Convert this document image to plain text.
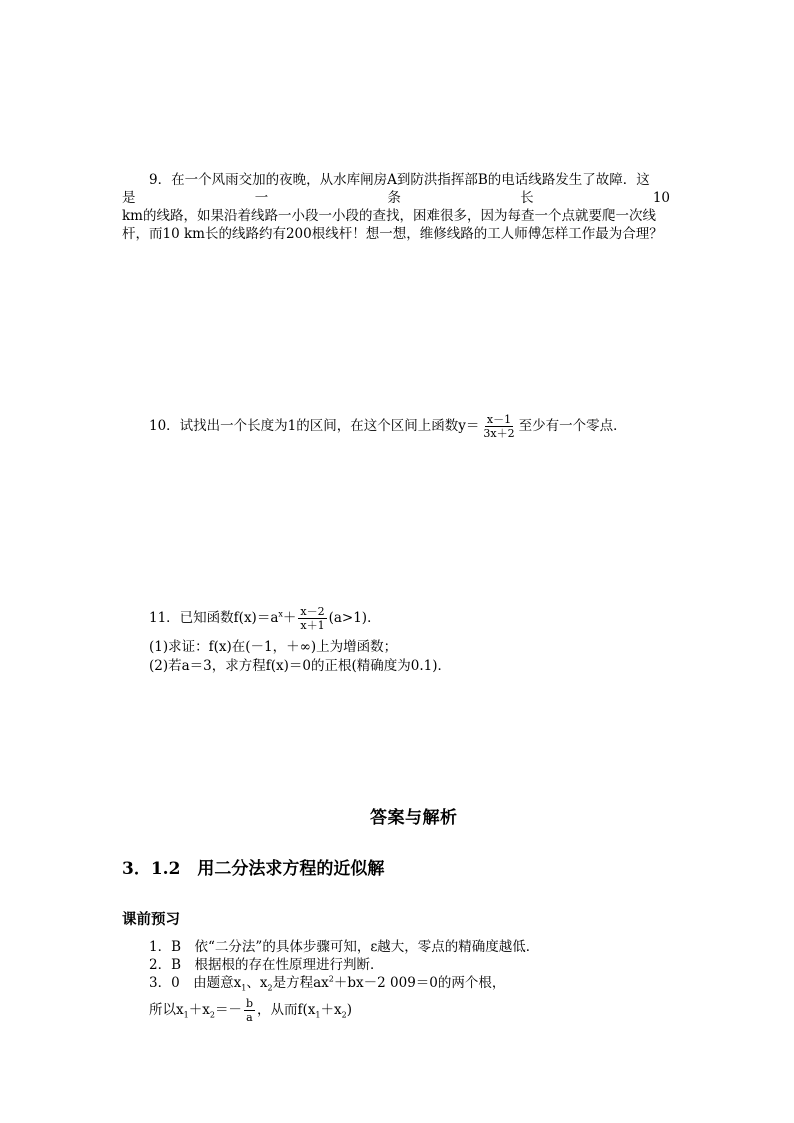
9．在一个风雨交加的夜晚，从水库闸房A到防洪指挥部B的电话线路发生了故障．这
是	一	条	长	10
km的线路，如果沿着线路一小段一小段的查找，困难很多，因为每查一个点就要爬一次线
杆，而10 km长的线路约有200根线杆！想一想，维修线路的工人师傅怎样工作最为合理？
10．试找出一个长度为1的区间，在这个区间上函数$y= \frac{x-1}{3x+2}$ 至少有一个零点．
11．已知函数$f(x)=a^x+ \frac{x-2}{x+1} (a>1)$．
(1)求证：f(x)在(－1，＋∞)上为增函数；
(2)若a＝3，求方程f(x)＝0的正根(精确度为0.1)．
答案与解析
3．1.2　用二分法求方程的近似解
课前预习
1．B　依“二分法”的具体步骤可知，ε越大，零点的精确度越低．
2．B　根据根的存在性原理进行判断．
3．0　由题意$x_1$、$x_2$是方程$ax^2+bx-2$ 009＝0的两个根，
所以$x_1+x_2=- \frac{b}{a}$ ，从而$f(x_1+x_2)$
